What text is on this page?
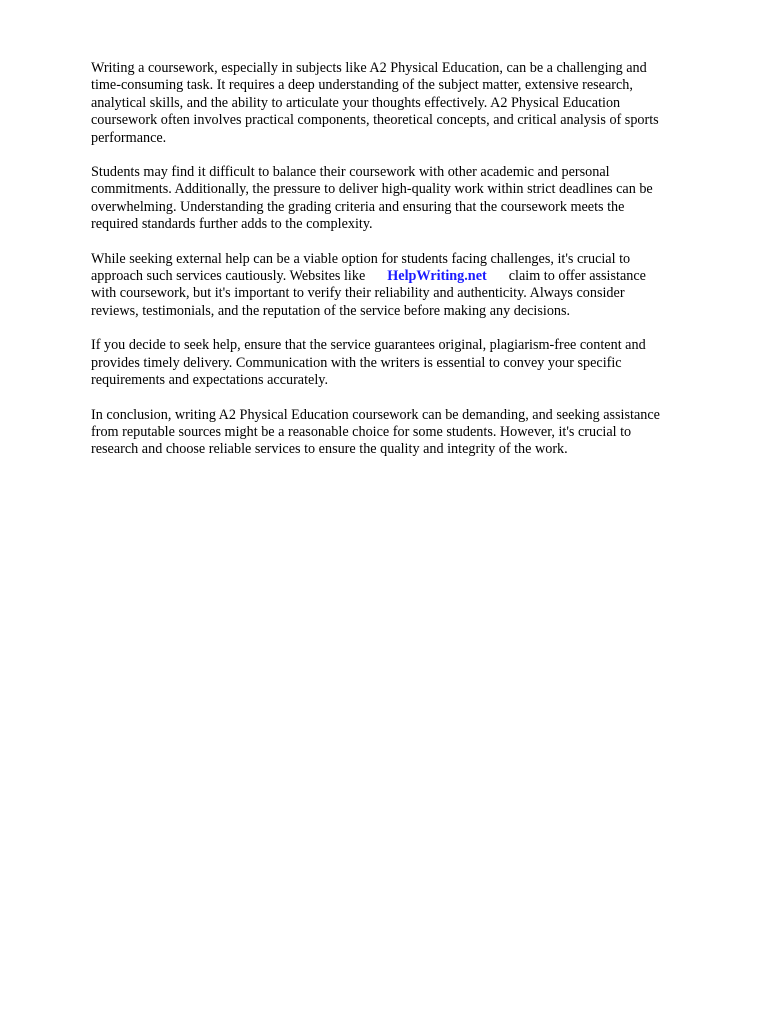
Writing a coursework, especially in subjects like A2 Physical Education, can be a challenging and
time-consuming task. It requires a deep understanding of the subject matter, extensive research,
analytical skills, and the ability to articulate your thoughts effectively. A2 Physical Education
coursework often involves practical components, theoretical concepts, and critical analysis of sports
performance.

Students may find it difficult to balance their coursework with other academic and personal
commitments. Additionally, the pressure to deliver high-quality work within strict deadlines can be
overwhelming. Understanding the grading criteria and ensuring that the coursework meets the
required standards further adds to the complexity.

While seeking external help can be a viable option for students facing challenges, it's crucial to
approach such services cautiously. Websites like HelpWriting.net claim to offer assistance
with coursework, but it's important to verify their reliability and authenticity. Always consider
reviews, testimonials, and the reputation of the service before making any decisions.

If you decide to seek help, ensure that the service guarantees original, plagiarism-free content and
provides timely delivery. Communication with the writers is essential to convey your specific
requirements and expectations accurately.

In conclusion, writing A2 Physical Education coursework can be demanding, and seeking assistance
from reputable sources might be a reasonable choice for some students. However, it's crucial to
research and choose reliable services to ensure the quality and integrity of the work.
